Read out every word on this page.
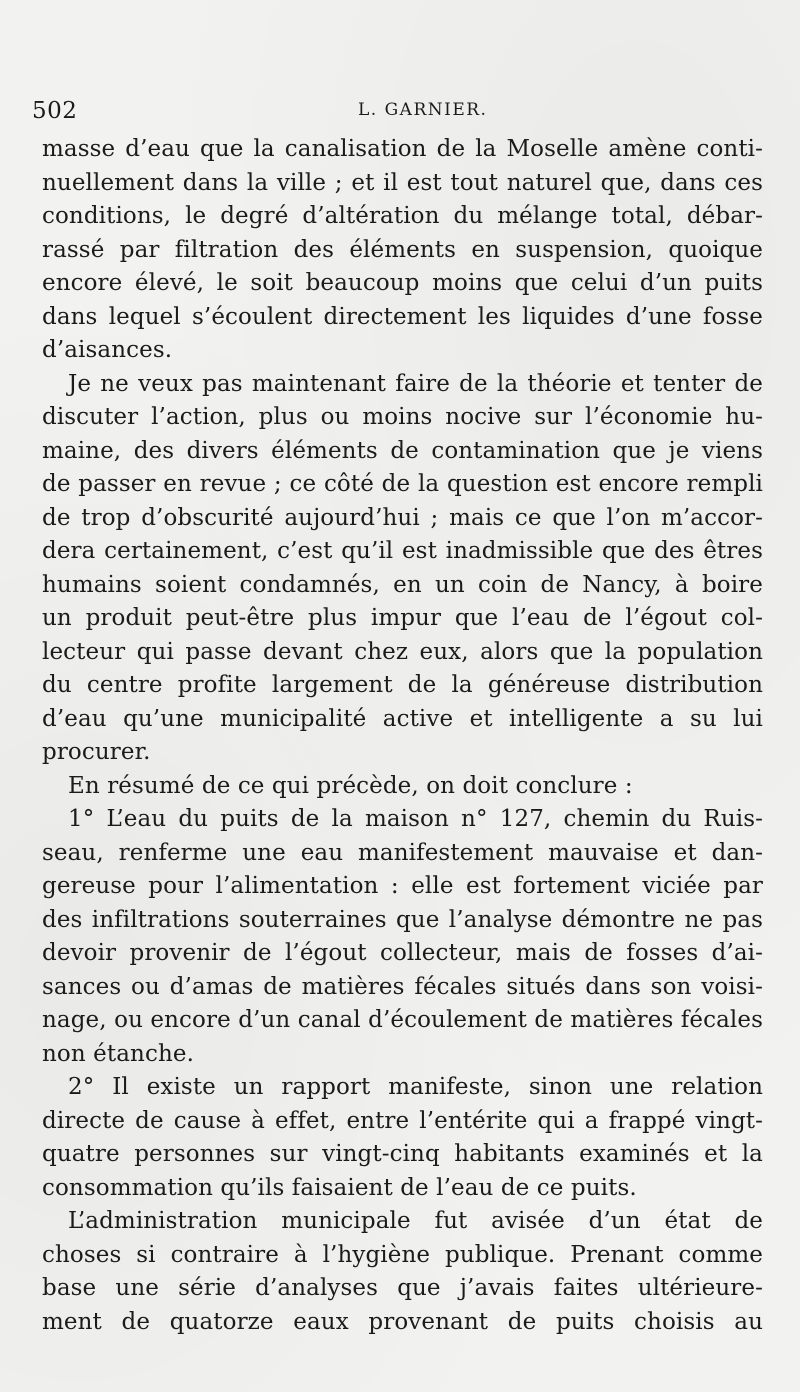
502	L. GARNIER.
masse d’eau que la canalisation de la Moselle amène conti-
nuellement dans la ville ; et il est tout naturel que, dans ces
conditions, le degré d’altération du mélange total, débar-
rassé par filtration des éléments en suspension, quoique
encore élevé, le soit beaucoup moins que celui d’un puits
dans lequel s’écoulent directement les liquides d’une fosse
d’aisances.
Je ne veux pas maintenant faire de la théorie et tenter de
discuter l’action, plus ou moins nocive sur l’économie hu-
maine, des divers éléments de contamination que je viens
de passer en revue ; ce côté de la question est encore rempli
de trop d’obscurité aujourd’hui ; mais ce que l’on m’accor-
dera certainement, c’est qu’il est inadmissible que des êtres
humains soient condamnés, en un coin de Nancy, à boire
un produit peut-être plus impur que l’eau de l’égout col-
lecteur qui passe devant chez eux, alors que la population
du centre profite largement de la généreuse distribution
d’eau qu’une municipalité active et intelligente a su lui
procurer.
En résumé de ce qui précède, on doit conclure :
1° L’eau du puits de la maison n° 127, chemin du Ruis-
seau, renferme une eau manifestement mauvaise et dan-
gereuse pour l’alimentation : elle est fortement viciée par
des infiltrations souterraines que l’analyse démontre ne pas
devoir provenir de l’égout collecteur, mais de fosses d’ai-
sances ou d’amas de matières fécales situés dans son voisi-
nage, ou encore d’un canal d’écoulement de matières fécales
non étanche.
2° Il existe un rapport manifeste, sinon une relation
directe de cause à effet, entre l’entérite qui a frappé vingt-
quatre personnes sur vingt-cinq habitants examinés et la
consommation qu’ils faisaient de l’eau de ce puits.
L’administration municipale fut avisée d’un état de
choses si contraire à l’hygiène publique. Prenant comme
base une série d’analyses que j’avais faites ultérieure-
ment de quatorze eaux provenant de puits choisis au
